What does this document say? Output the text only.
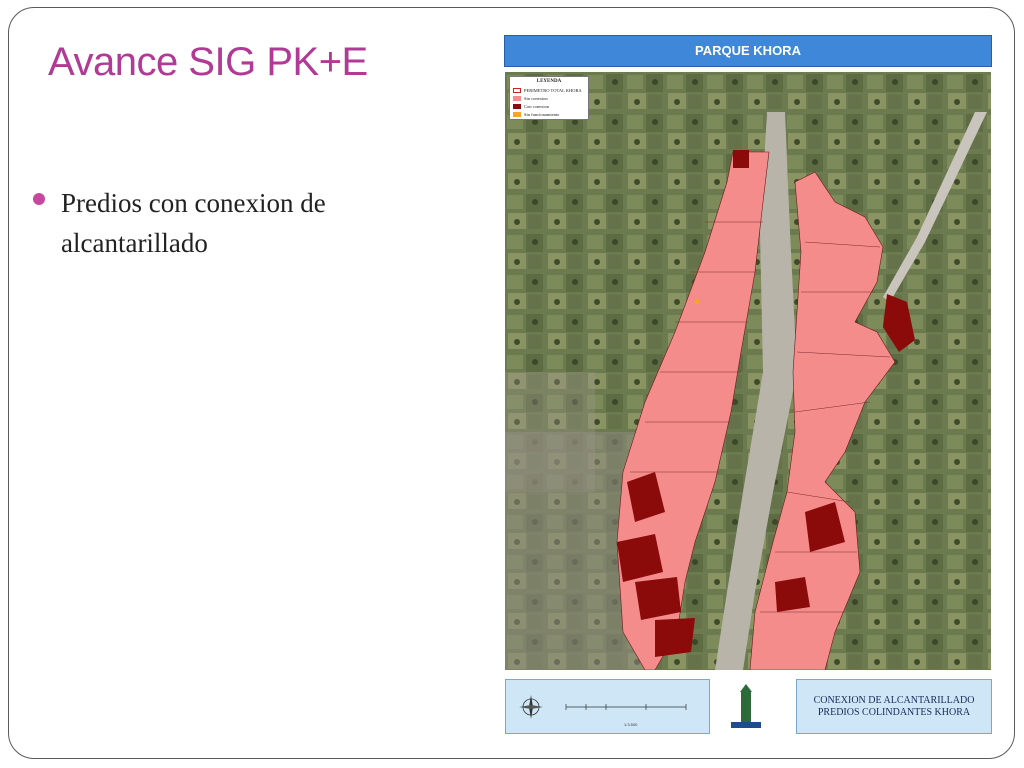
Avance SIG PK+E
Predios con conexion de alcantarillado
PARQUE KHORA
LEYENDA
PERIMETRO TOTAL KHORA
Sin conexion
Con conexion
Sin funcionamiento
1:3.500
CONEXION DE ALCANTARILLADO
PREDIOS COLINDANTES KHORA
